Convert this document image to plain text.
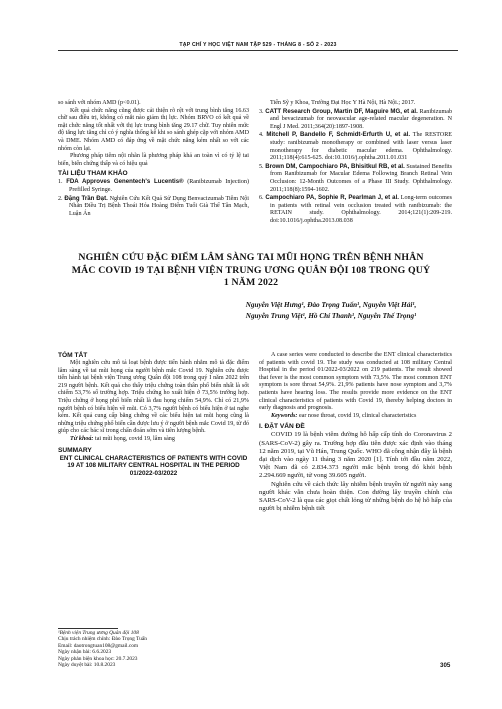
TẠP CHÍ Y HỌC VIỆT NAM TẬP 529 - THÁNG 8 - SỐ 2 - 2023
so sánh với nhóm AMD (p<0.01).
Kết quả chức năng cũng được cải thiện rõ rệt với trung bình tăng 16.63 chữ sau điều trị, không có mắt nào giảm thị lực. Nhóm BRVO có kết quả về mặt chức năng tốt nhất với thị lực trung bình tăng 29.17 chữ. Tuy nhiên mức độ tăng lực tăng chỉ có ý nghĩa thống kê khi so sánh ghép cặp với nhóm AMD và DME. Nhóm AMD có đáp ứng về mặt chức năng kém nhất so với các nhóm còn lại.
Phương pháp tiêm nội nhãn là phương pháp khả an toàn vì có tỷ lệ tai biến, biến chứng thấp và có hiệu quả
TÀI LIỆU THAM KHẢO
1. FDA Approves Genentech's Lucentis® (Ranibizumab Injection) Prefilled Syringe.
2. Đặng Trần Đạt. Nghiên Cứu Kết Quả Sử Dụng Benvacizumab Tiêm Nội Nhãn Điều Trị Bệnh Thoái Hóa Hoàng Điểm Tuổi Già Thể Tân Mạch, Luận Án
Tiến Sỹ y Khoa, Trường Đại Học Y Hà Nội, Hà Nội.; 2017.
3. CATT Research Group, Martin DF, Maguire MG, et al. Ranibizumab and bevacizumab for neovascular age-related macular degeneration. N Engl J Med. 2011;364(20):1897-1908.
4. Mitchell P, Bandello F, Schmidt-Erfurth U, et al. The RESTORE study: ranibizumab monotherapy or combined with laser versus laser monotherapy for diabetic macular edema. Ophthalmology. 2011;118(4):615-625. doi:10.1016/j.ophtha.2011.01.031
5. Brown DM, Campochiaro PA, Bhisitkul RB, et al. Sustained Benefits from Ranibizumab for Macular Edema Following Branch Retinal Vein Occlusion: 12-Month Outcomes of a Phase III Study. Ophthalmology. 2011;118(8):1594-1602.
6. Campochiaro PA, Sophie R, Pearlman J, et al. Long-term outcomes in patients with retinal vein occlusion treated with ranibizumab: the RETAIN study. Ophthalmology. 2014;121(1):209-219. doi:10.1016/j.ophtha.2013.08.038
NGHIÊN CỨU ĐẶC ĐIỂM LÂM SÀNG TAI MŨI HỌNG TRÊN BỆNH NHÂN MẮC COVID 19 TẠI BỆNH VIỆN TRUNG ƯƠNG QUÂN ĐỘI 108 TRONG QUÝ 1 NĂM 2022
Nguyễn Việt Hưng¹, Đào Trọng Tuấn¹, Nguyễn Việt Hải¹,
Nguyễn Trung Việt¹, Hồ Chí Thanh¹, Nguyễn Thế Trọng¹
TÓM TẮT
Một nghiên cứu mô tả loạt bệnh được tiến hành nhằm mô tả đặc điểm lâm sàng về tai mũi họng của người bệnh mắc Covid 19. Nghiên cứu được tiến hành tại bệnh viện Trung ương Quân đội 108 trong quý I năm 2022 trên 219 người bệnh. Kết quả cho thấy triệu chứng toàn thân phổ biến nhất là sốt chiếm 53,7% số trường hợp. Triệu chứng ho xuất hiện ở 73,5% trường hợp. Triệu chứng ở họng phổ biến nhất là đau họng chiếm 54,9%. Chỉ có 21,9% người bệnh có biểu hiện về mũi. Có 3,7% người bệnh có biểu hiện ở tai nghe kém. Kết quả cung cấp bằng chứng về các biểu hiện tai mũi họng cũng là những triệu chứng phổ biến cần được lưu ý ở người bệnh mắc Covid 19, từ đó giúp cho các bác sĩ trong chẩn đoán sớm và tiên lượng bệnh.
Từ khoá: tai mũi họng, covid 19, lâm sàng
SUMMARY
ENT CLINICAL CHARACTERISTICS OF PATIENTS WITH COVID 19 AT 108 MILITARY CENTRAL HOSPITAL IN THE PERIOD 01/2022-03/2022
A case series were conducted to describe the ENT clinical characteristics of patients with covid 19. The study was conducted at 108 military Central Hospital in the period 01/2022-03/2022 on 219 patients. The result showed that fever is the most common symptom with 73,5%. The most common ENT symptom is sore throat 54,9%. 21,9% patients have nose symptom and 3,7% patients have hearing loss. The results provide more evidence on the ENT clinical characteristics of patients with Covid 19, thereby helping doctors in early diagnosis and prognosis.
Keywords: ear nose throat, covid 19, clinical characteristics
I. ĐẶT VẤN ĐỀ
COVID 19 là bệnh viêm đường hô hấp cấp tính do Coronavirus 2 (SARS-CoV-2) gây ra. Trường hợp đầu tiên được xác định vào tháng 12 năm 2019, tại Vũ Hán, Trung Quốc. WHO đã công nhận đây là bệnh đại dịch vào ngày 11 tháng 3 năm 2020 [1]. Tính tới đầu năm 2022, Việt Nam đã có 2.834.373 người mắc bệnh trong đó khỏi bệnh 2.294.669 người, tử vong 39.605 người.
Nghiên cứu về cách thức lây nhiễm bệnh truyền từ người này sang người khác vẫn chưa hoàn thiện. Con đường lây truyền chính của SARS-CoV-2 là qua các giọt chất lỏng từ những bệnh do hệ hô hấp của người bị nhiễm bệnh tiết
¹Bệnh viện Trung ương Quân đội 108
Chịu trách nhiệm chính: Đào Trọng Tuấn
Email: daotrongtuan108@gmail.com
Ngày nhận bài: 6.6.2023
Ngày phản biện khoa học: 20.7.2023
Ngày duyệt bài: 10.8.2023	305
